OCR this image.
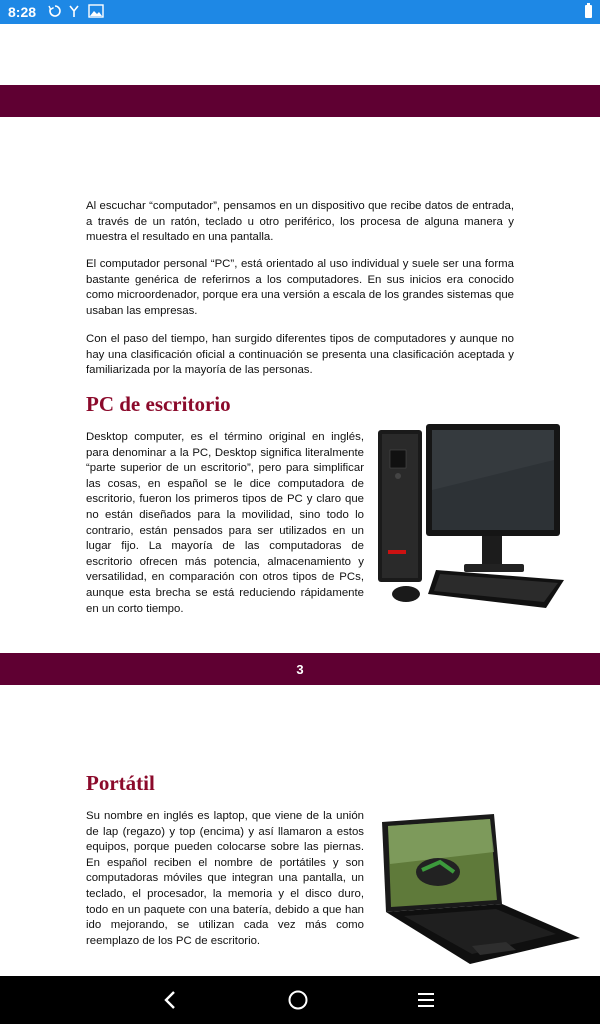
8:28

Al escuchar “computador”, pensamos en un dispositivo que recibe datos de entrada, a través de un ratón, teclado u otro periférico, los procesa de alguna manera y muestra el resultado en una pantalla.

El computador personal “PC”, está orientado al uso individual y suele ser una forma bastante genérica de referirnos a los computadores. En sus inicios era conocido como microordenador, porque era una versión a escala de los grandes sistemas que usaban las empresas.

Con el paso del tiempo, han surgido diferentes tipos de computadores y aunque no hay una clasificación oficial a continuación se presenta una clasificación aceptada y familiarizada por la mayoría de las personas.

PC de escritorio

Desktop computer, es el término original en inglés, para denominar a la PC, Desktop significa literalmente “parte superior de un escritorio”, pero para simplificar las cosas, en español se le dice computadora de escritorio, fueron los primeros tipos de PC y claro que no están diseñados para la movilidad, sino todo lo contrario, están pensados para ser utilizados en un lugar fijo. La mayoría de las computadoras de escritorio ofrecen más potencia, almacenamiento y versatilidad, en comparación con otros tipos de PCs, aunque esta brecha se está reduciendo rápidamente en un corto tiempo.

3
Portátil

Su nombre en inglés es laptop, que viene de la unión de lap (regazo) y top (encima) y así llamaron a estos equipos, porque pueden colocarse sobre las piernas. En español reciben el nombre de portátiles y son computadoras móviles que integran una pantalla, un teclado, el procesador, la memoria y el disco duro, todo en un paquete con una batería, debido a que han ido mejorando, se utilizan cada vez más como reemplazo de los PC de escritorio.
